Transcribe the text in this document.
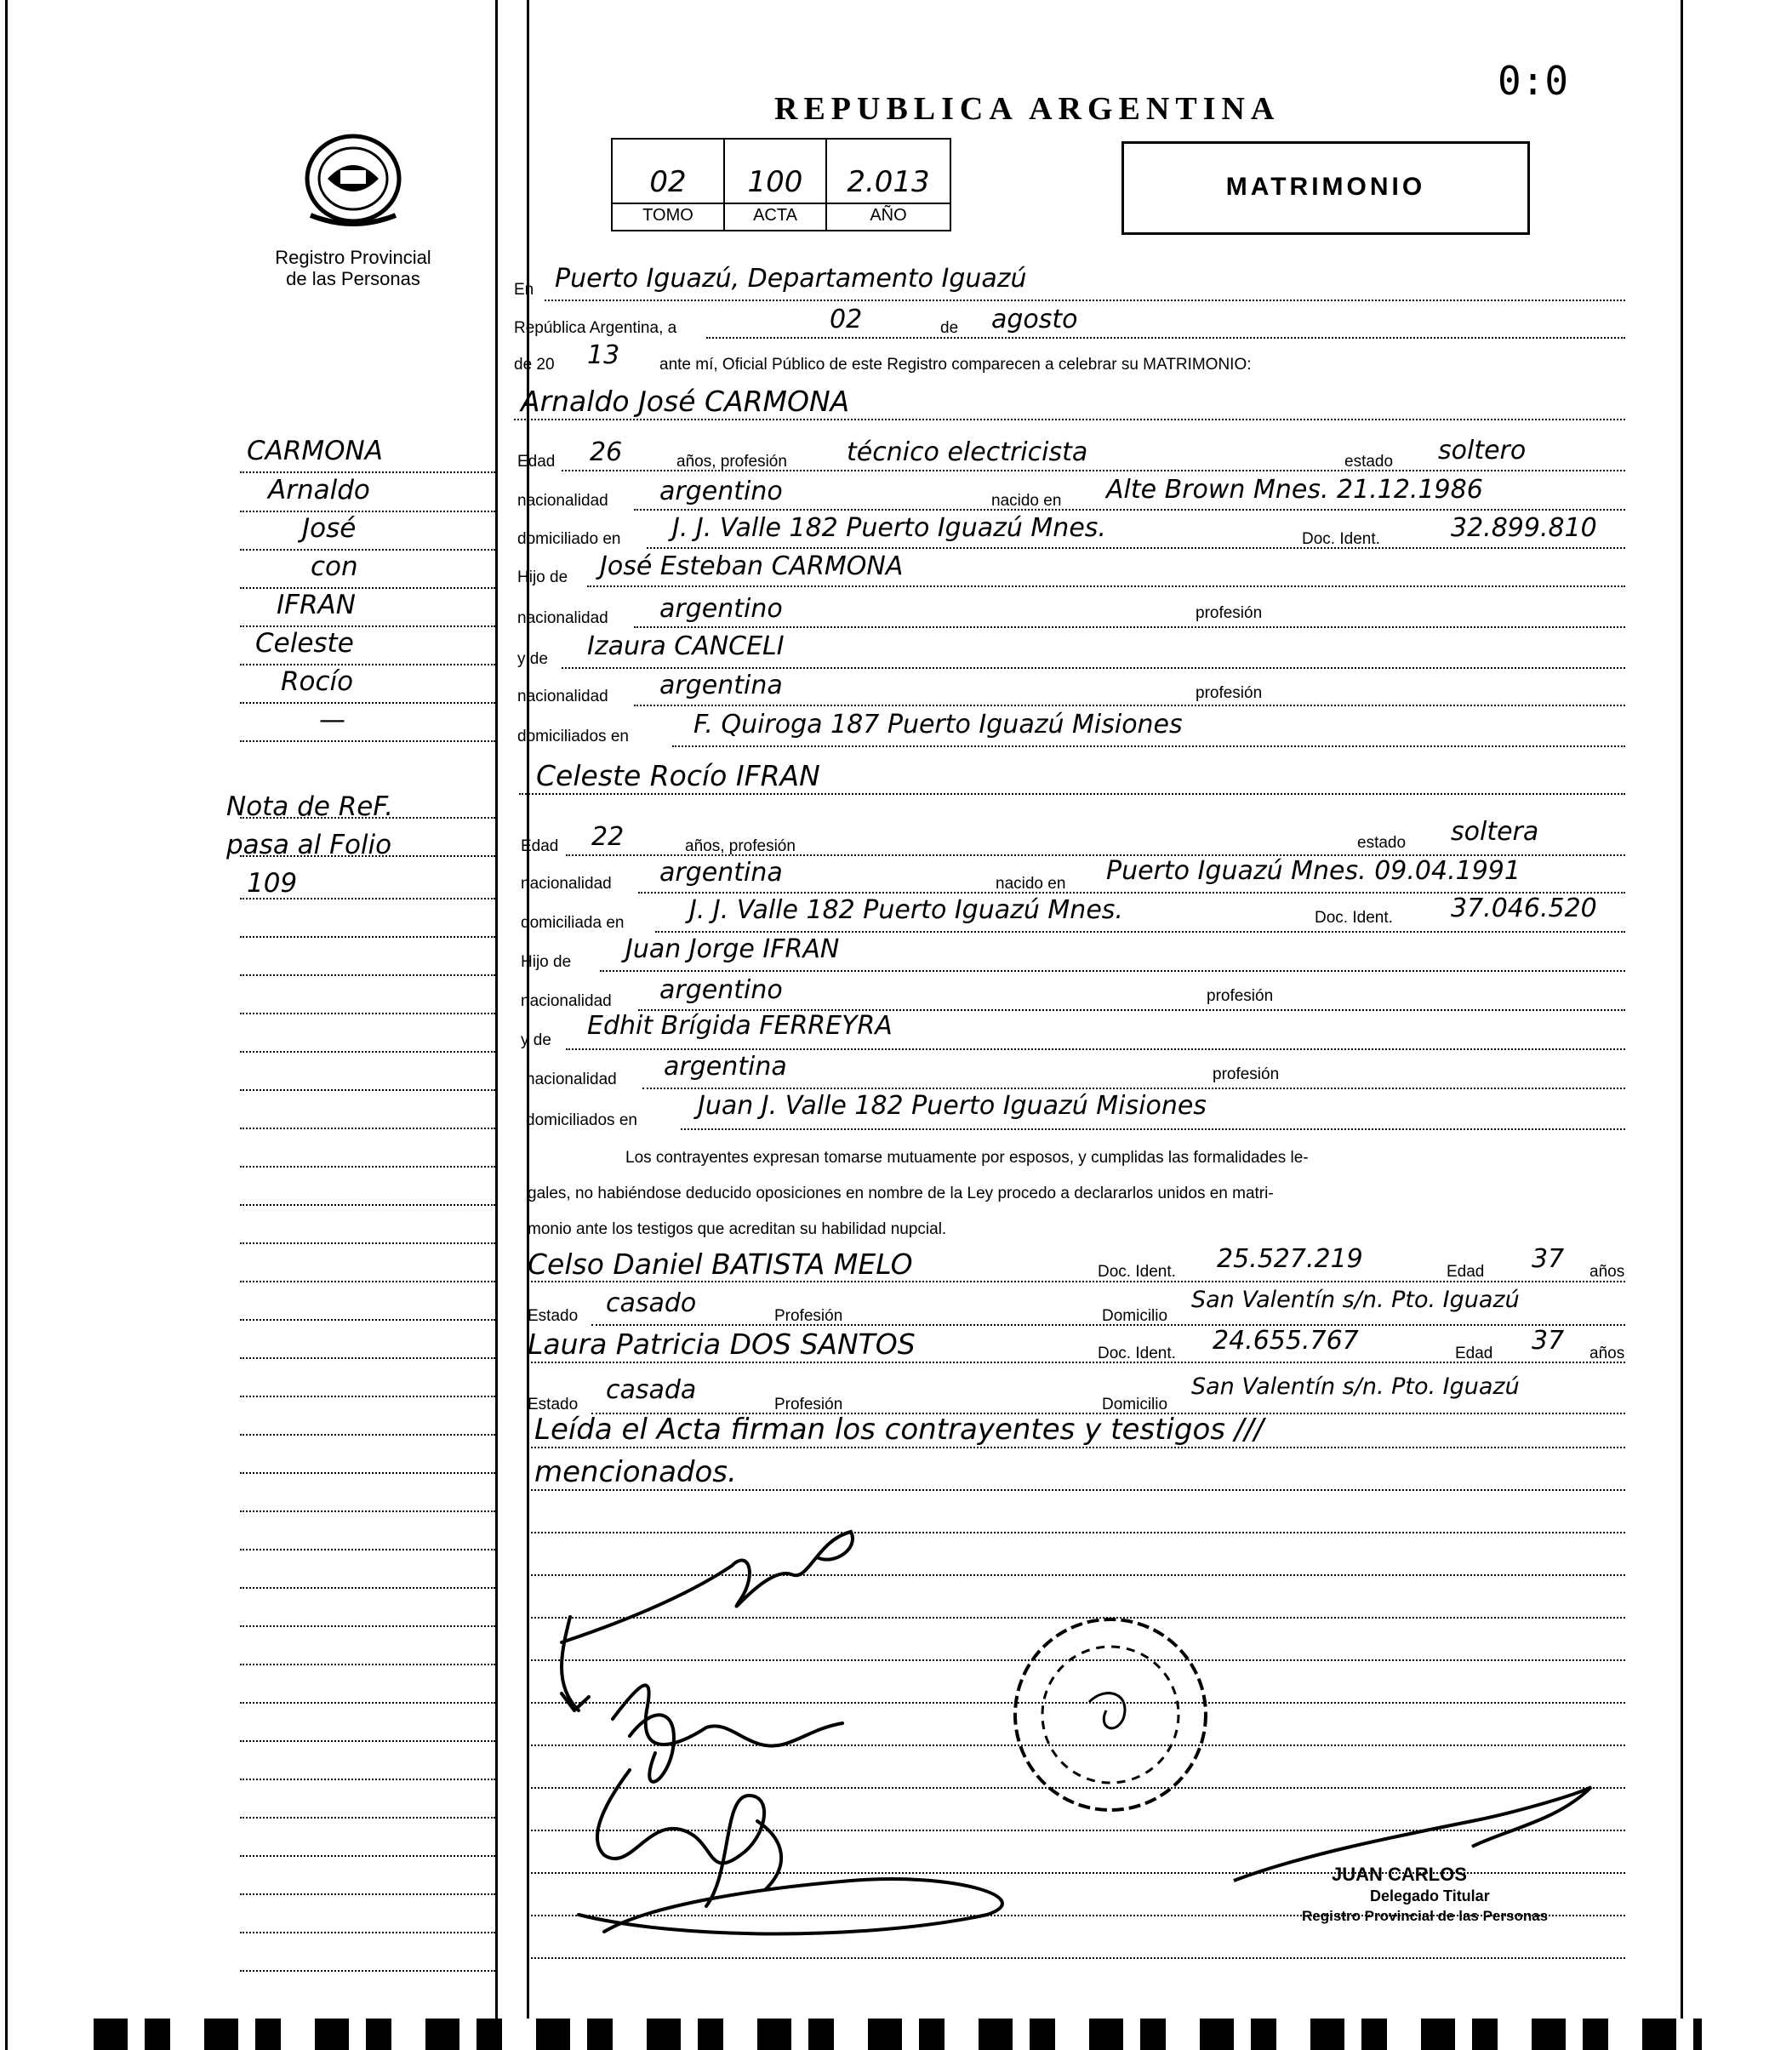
0:0
REPUBLICA ARGENTINA
Registro Provincial
de las Personas
02	100	2.013
TOMO	ACTA	AÑO
MATRIMONIO
CARMONA
Arnaldo
José
con
IFRAN
Celeste
Rocío
—
Nota de ReF.
pasa al Folio
109
En Puerto Iguazú, Departamento Iguazú
República Argentina, a	02	de agosto
de 20 13 ante mí, Oficial Público de este Registro comparecen a celebrar su MATRIMONIO:
Arnaldo José CARMONA
Edad 26	años, profesión técnico electricista	estado soltero
nacionalidad argentino	nacido en Alte Brown Mnes. 21.12.1986
domiciliado en J. J. Valle 182 Puerto Iguazú Mnes.	Doc. Ident.	32.899.810
Hijo de José Esteban CARMONA
nacionalidad argentino	profesión
y de Izaura CANCELI
nacionalidad argentina	profesión
domiciliados en	F. Quiroga 187 Puerto Iguazú Misiones
Celeste Rocío IFRAN
Edad 22	años, profesión	estado soltera
nacionalidad argentina	nacido en Puerto Iguazú Mnes. 09.04.1991
domiciliada en	J. J. Valle 182 Puerto Iguazú Mnes.	Doc. Ident. 37.046.520
Hijo de Juan Jorge IFRAN
nacionalidad argentino	profesión
y de Edhit Brígida FERREYRA
nacionalidad argentina	profesión
domiciliados en Juan J. Valle 182 Puerto Iguazú Misiones
Los contrayentes expresan tomarse mutuamente por esposos, y cumplidas las formalidades le-
gales, no habiéndose deducido oposiciones en nombre de la Ley procedo a declararlos unidos en matri-
monio ante los testigos que acreditan su habilidad nupcial.
Celso Daniel BATISTA MELO	Doc. Ident. 25.527.219	Edad 37 años
Estado casado	Profesión	Domicilio
San Valentín s/n. Pto. Iguazú
Laura Patricia DOS SANTOS	Doc. Ident. 24.655.767	Edad 37 años
Estado casada	Profesión	Domicilio
San Valentín s/n. Pto. Iguazú
Leída el Acta firman los contrayentes y testigos ///
mencionados.
JUAN CARLOS
Delegado Titular
Registro Provincial de las Personas
